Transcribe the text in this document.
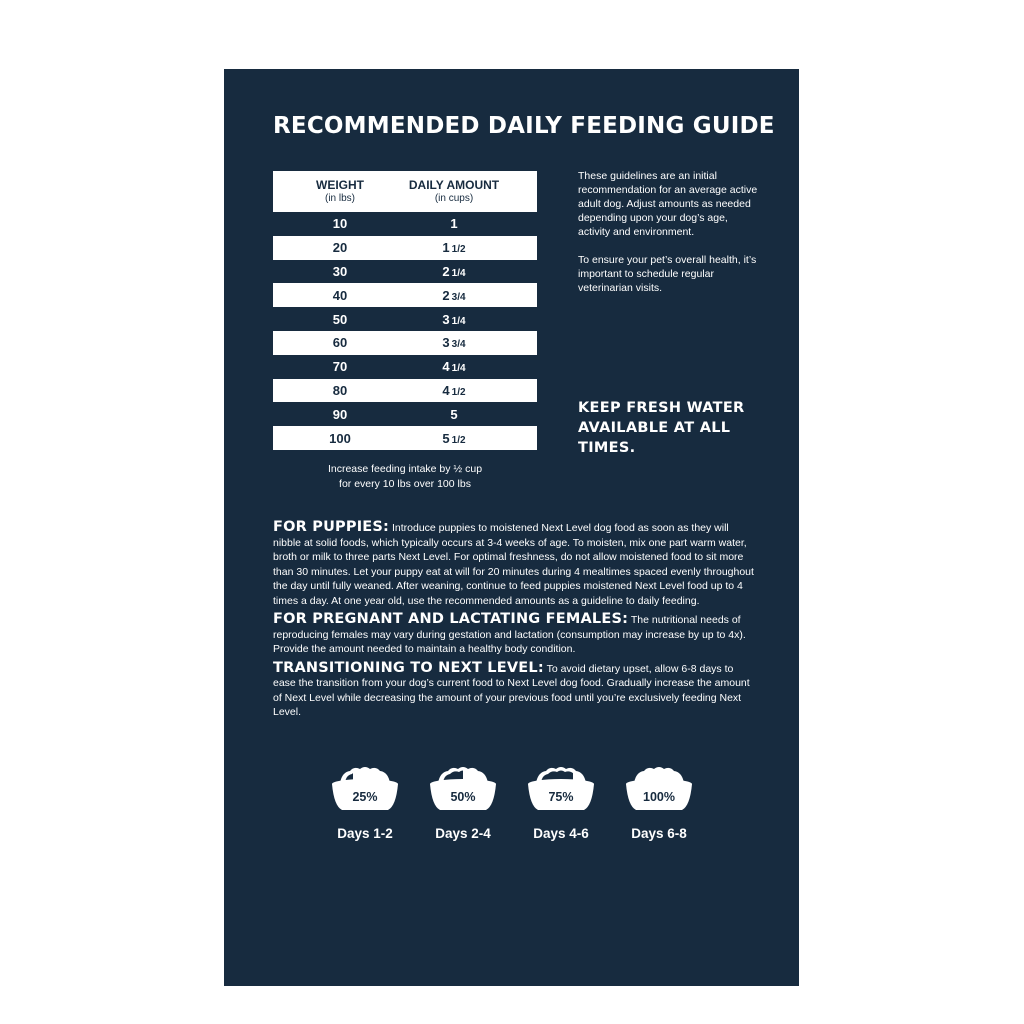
RECOMMENDED DAILY FEEDING GUIDE
WEIGHT
(in lbs)
DAILY AMOUNT
(in cups)
10	1
20	1 1/2
30	2 1/4
40	2 3/4
50	3 1/4
60	3 3/4
70	4 1/4
80	4 1/2
90	5
100	5 1/2
Increase feeding intake by ½ cup
for every 10 lbs over 100 lbs

These guidelines are an initial recommendation for an average active adult dog. Adjust amounts as needed depending upon your dog’s age, activity and environment.

To ensure your pet’s overall health, it’s important to schedule regular veterinarian visits.

KEEP FRESH WATER AVAILABLE AT ALL TIMES.
FOR PUPPIES: Introduce puppies to moistened Next Level dog food as soon as they will nibble at solid foods, which typically occurs at 3-4 weeks of age. To moisten, mix one part warm water, broth or milk to three parts Next Level. For optimal freshness, do not allow moistened food to sit more than 30 minutes. Let your puppy eat at will for 20 minutes during 4 mealtimes spaced evenly throughout the day until fully weaned. After weaning, continue to feed puppies moistened Next Level food up to 4 times a day. At one year old, use the recommended amounts as a guideline to daily feeding.
FOR PREGNANT AND LACTATING FEMALES: The nutritional needs of reproducing females may vary during gestation and lactation (consumption may increase by up to 4x). Provide the amount needed to maintain a healthy body condition.
TRANSITIONING TO NEXT LEVEL: To avoid dietary upset, allow 6-8 days to ease the transition from your dog’s current food to Next Level dog food. Gradually increase the amount of Next Level while decreasing the amount of your previous food until you’re exclusively feeding Next Level.
25%
Days 1-2
50%
Days 2-4
75%
Days 4-6
100%
Days 6-8
